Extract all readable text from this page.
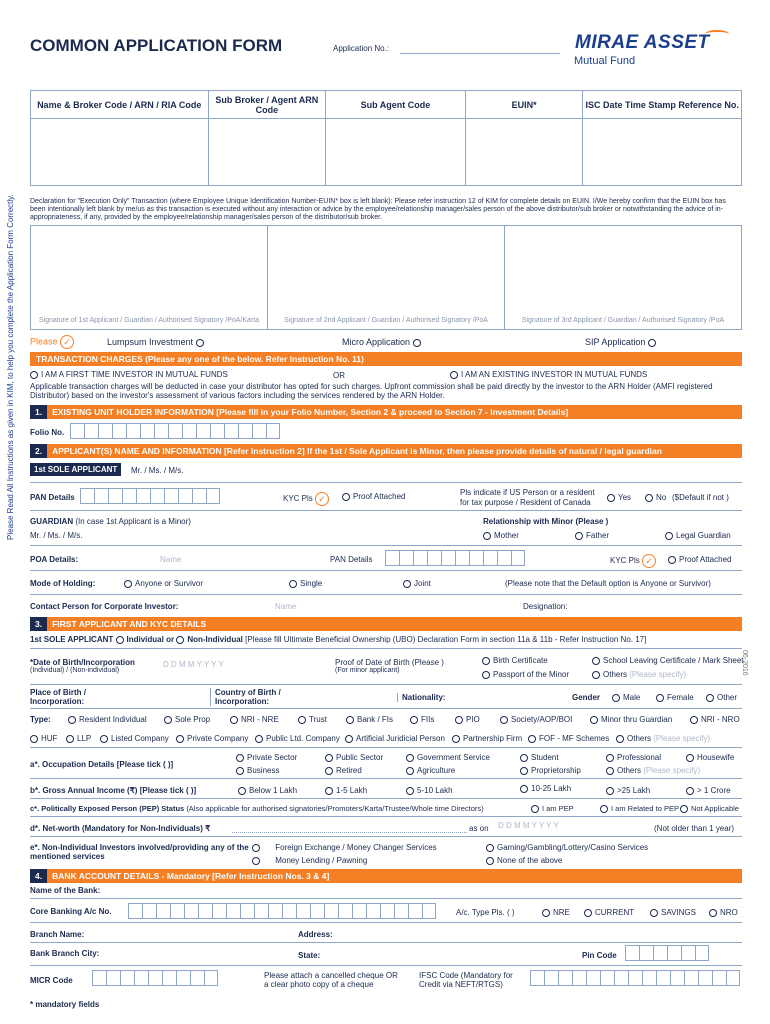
COMMON APPLICATION FORM	Application No.:	MIRAE ASSET
Mutual Fund
Please Read All Instructions as given in KIM, to help you complete the Application Form Correctly.
06-2016
Name & Broker Code / ARN / RIA Code	Sub Broker / Agent ARN Code	Sub Agent Code	EUIN*	ISC Date Time Stamp Reference No.
Declaration for "Execution Only" Transaction (where Employee Unique Identification Number-EUIN* box is left blank): Please refer instruction 12 of KIM for complete details on EUIN. I/We hereby confirm that the EUIN box has been intentionally left blank by me/us as this transaction is executed without any interaction or advice by the employee/relationship manager/sales person of the above distributor/sub broker or notwithstanding the advice of in-appropriateness, if any, provided by the employee/relationship manager/sales person of the distributor/sub broker.
Signature of 1st Applicant / Guardian / Authorised Signatory /PoA/Karta	Signature of 2nd Applicant / Guardian / Authorised Signatory /PoA	Signature of 3rd Applicant / Guardian / Authorised Signatory /PoA
Please ✓	Lumpsum Investment	Micro Application	SIP Application
TRANSACTION CHARGES (Please any one of the below. Refer Instruction No. 11)
I AM A FIRST TIME INVESTOR IN MUTUAL FUNDS	OR	I AM AN EXISTING INVESTOR IN MUTUAL FUNDS
Applicable transaction charges will be deducted in case your distributor has opted for such charges. Upfront commission shall be paid directly by the investor to the ARN Holder (AMFI registered Distributor) based on the investor's assessment of various factors including the services rendered by the ARN Holder.
1.	EXISTING UNIT HOLDER INFORMATION [Please fill in your Folio Number, Section 2 & proceed to Section 7 - Investment Details]
Folio No.
2.	APPLICANT(S) NAME AND INFORMATION [Refer Instruction 2] If the 1st / Sole Applicant is Minor, then please provide details of natural / legal guardian
1st SOLE APPLICANT	Mr. / Ms. / M/s.
PAN Details	KYC Pls ✓	Proof Attached	Pls indicate if US Person or a resident for tax purpose / Resident of Canada
Yes	No ($Default if not )
GUARDIAN (In case 1st Applicant is a Minor)	Relationship with Minor (Please )
Mr. / Ms. / M/s.	Mother	Father	Legal Guardian
POA Details:	Name	PAN Details	KYC Pls ✓	Proof Attached
Mode of Holding:	Anyone or Survivor	Single	Joint	(Please note that the Default option is Anyone or Survivor)
Contact Person for Corporate Investor:	Name	Designation:
3.	FIRST APPLICANT AND KYC DETAILS
1st SOLE APPLICANT Individual or Non-Individual [Please fill Ultimate Beneficial Ownership (UBO) Declaration Form in section 11a & 11b - Refer Instruction No. 17]
*Date of Birth/Incorporation
(Individual) / (Non-individual)
D D M M Y Y Y Y	Proof of Date of Birth (Please )
(For minor applicant)
Birth Certificate	School Leaving Certificate / Mark Sheet
Passport of the Minor	Others (Please specify)
Place of Birth / Incorporation:
Country of Birth / Incorporation:	Nationality:	Gender	Male	Female	Other
Type:	Resident Individual	Sole Prop	NRI - NRE	Trust	Bank / FIs	FIIs	PIO	Society/AOP/BOI	Minor thru Guardian	NRI - NRO
HUF	LLP	Listed Company	Private Company	Public Ltd. Company	Artificial Juridicial Person	Partnership Firm	FOF - MF Schemes	Others (Please specify)
a*. Occupation Details [Please tick ( )]
Private Sector	Public Sector	Government Service	Student	Professional	Housewife
Business	Retired	Agriculture	Proprietorship	Others (Please specify)
b*. Gross Annual Income (₹) [Please tick ( )]	Below 1 Lakh	1-5 Lakh	5-10 Lakh	10-25 Lakh	>25 Lakh	> 1 Crore
c*. Politically Exposed Person (PEP) Status (Also applicable for authorised signatories/Promoters/Karta/Trustee/Whole time Directors)	I am PEP	I am Related to PEP	Not Applicable
d*. Net-worth (Mandatory for Non-Individuals) ₹	as on D D M M Y Y Y Y	(Not older than 1 year)
e*. Non-Individual Investors involved/providing any of the mentioned services
Foreign Exchange / Money Changer Services
Money Lending / Pawning
Gaming/Gambling/Lottery/Casino Services
None of the above
4.	BANK ACCOUNT DETAILS - Mandatory [Refer Instruction Nos. 3 & 4]
Name of the Bank:
Core Banking A/c No.	A/c. Type Pls. ( )	NRE	CURRENT	SAVINGS	NRO
Branch Name:	Address:
Bank Branch City:	State:	Pin Code
MICR Code
Please attach a cancelled cheque OR a clear photo copy of a cheque
IFSC Code (Mandatory for Credit via NEFT/RTGS)
* mandatory fields
